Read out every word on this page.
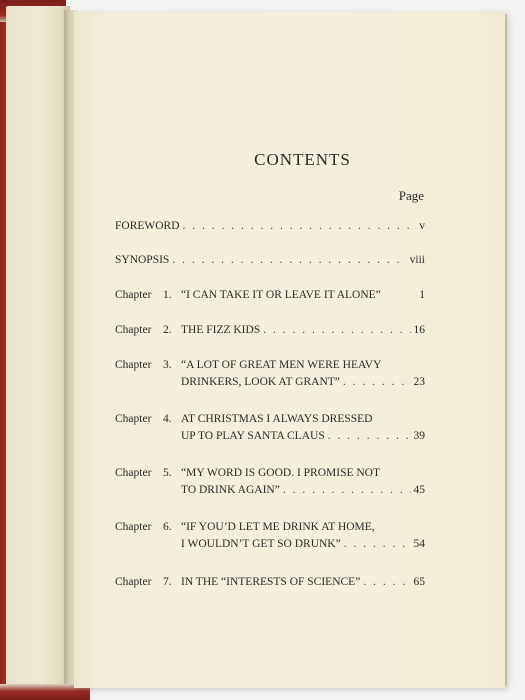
CONTENTS
Page
FOREWORD . . .	v
SYNOPSIS . . .	viii
Chapter	1. “I CAN TAKE IT OR LEAVE IT ALONE”	1
Chapter	2. THE FIZZ KIDS . . .	16
Chapter	3. “A LOT OF GREAT MEN WERE HEAVY
DRINKERS, LOOK AT GRANT” . . .	23
Chapter	4. AT CHRISTMAS I ALWAYS DRESSED
UP TO PLAY SANTA CLAUS . . .	39
Chapter	5. “MY WORD IS GOOD. I PROMISE NOT
TO DRINK AGAIN” . . .	45
Chapter	6. “IF YOU’D LET ME DRINK AT HOME,
I WOULDN’T GET SO DRUNK” . . .	54
Chapter	7. IN THE “INTERESTS OF SCIENCE” . . .	65
